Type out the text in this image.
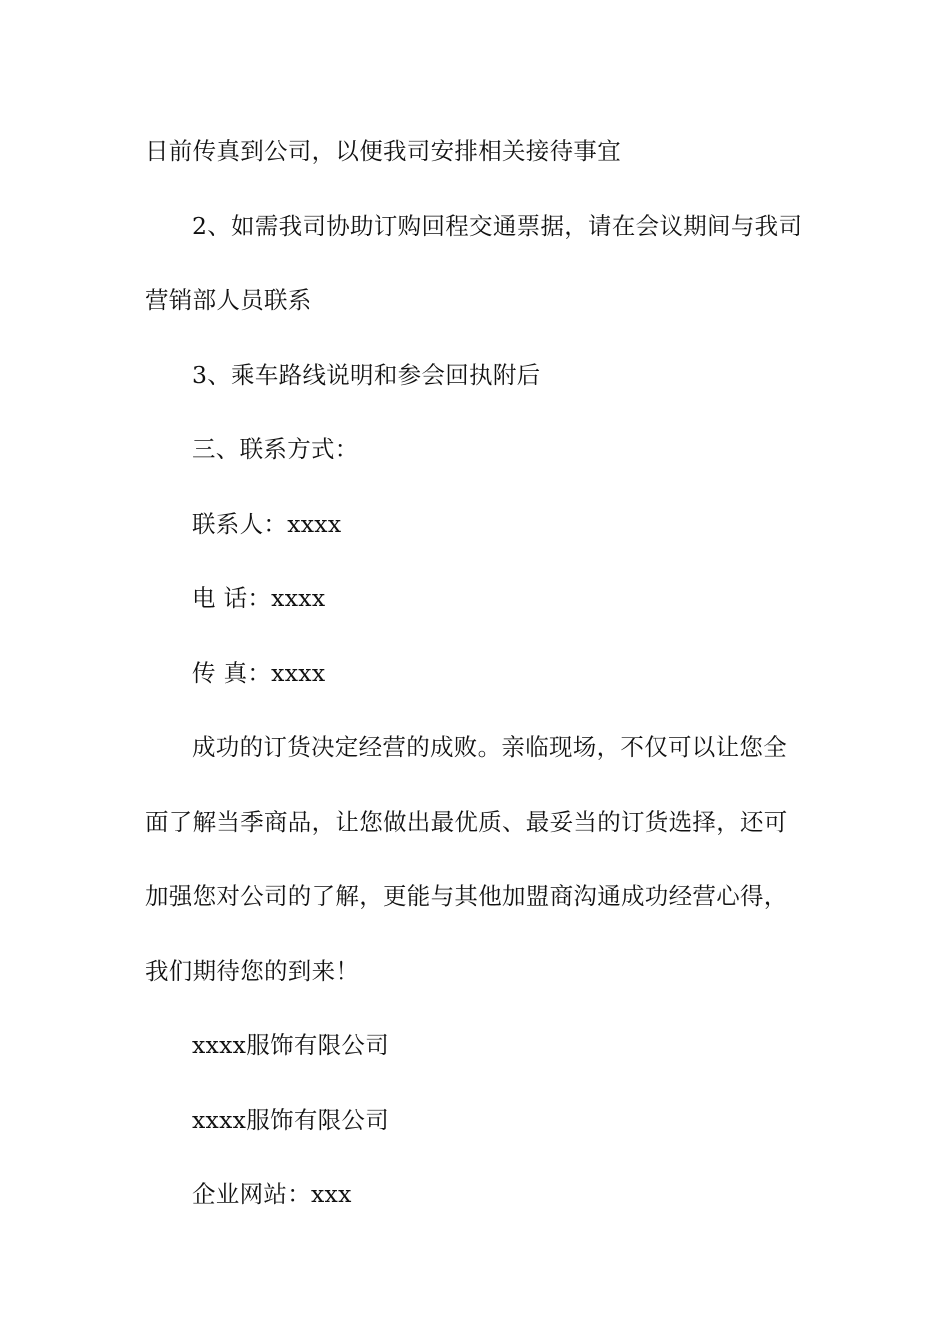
日前传真到公司，以便我司安排相关接待事宜
2、如需我司协助订购回程交通票据，请在会议期间与我司
营销部人员联系
3、乘车路线说明和参会回执附后
三、联系方式：
联系人：xxxx
电 话：xxxx
传 真：xxxx
成功的订货决定经营的成败。亲临现场，不仅可以让您全
面了解当季商品，让您做出最优质、最妥当的订货选择，还可
加强您对公司的了解，更能与其他加盟商沟通成功经营心得，
我们期待您的到来！
xxxx服饰有限公司
xxxx服饰有限公司
企业网站：xxx
